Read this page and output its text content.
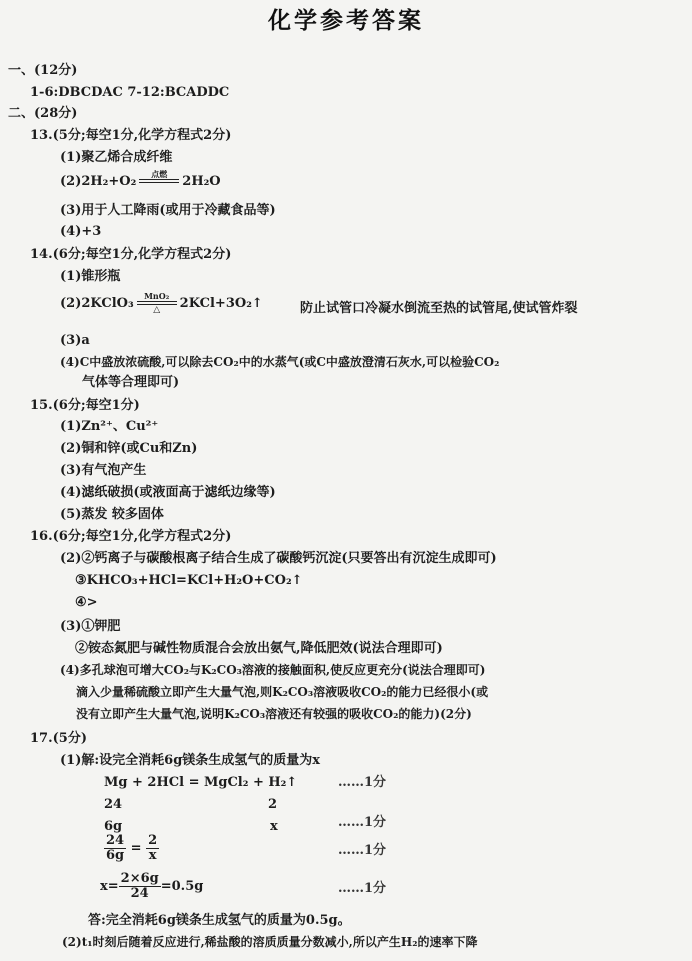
化学参考答案
一、(12分)
1-6:DBCDAC 7-12:BCADDC
二、(28分)
13.(5分;每空1分,化学方程式2分)
(1)聚乙烯合成纤维
(2)2H₂+O₂	点燃
	2H₂O
(3)用于人工降雨(或用于冷藏食品等)
(4)+3
14.(6分;每空1分,化学方程式2分)
(1)锥形瓶
(2)2KClO₃	MnO₂
△	2KCl+3O₂↑	防止试管口冷凝水倒流至热的试管尾,使试管炸裂
(3)a
(4)C中盛放浓硫酸,可以除去CO₂中的水蒸气(或C中盛放澄清石灰水,可以检验CO₂
气体等合理即可)
15.(6分;每空1分)
(1)Zn²⁺、Cu²⁺
(2)铜和锌(或Cu和Zn)
(3)有气泡产生
(4)滤纸破损(或液面高于滤纸边缘等)
(5)蒸发 较多固体
16.(6分;每空1分,化学方程式2分)
(2)②钙离子与碳酸根离子结合生成了碳酸钙沉淀(只要答出有沉淀生成即可)
③KHCO₃+HCl=KCl+H₂O+CO₂↑
④>
(3)①钾肥
②铵态氮肥与碱性物质混合会放出氨气,降低肥效(说法合理即可)
(4)多孔球泡可增大CO₂与K₂CO₃溶液的接触面积,使反应更充分(说法合理即可)
滴入少量稀硫酸立即产生大量气泡,则K₂CO₃溶液吸收CO₂的能力已经很小(或
没有立即产生大量气泡,说明K₂CO₃溶液还有较强的吸收CO₂的能力)(2分)
17.(5分)
(1)解:设完全消耗6g镁条生成氢气的质量为x
Mg + 2HCl = MgCl₂ + H₂↑	……1分
24	2
6g	x	……1分
$\frac{24}{6g} = \frac{2}{x}$	……1分
$x= \frac{2\times 6g}{24} =0.5g$	……1分
答:完全消耗6g镁条生成氢气的质量为0.5g。
(2)t₁时刻后随着反应进行,稀盐酸的溶质质量分数减小,所以产生H₂的速率下降
